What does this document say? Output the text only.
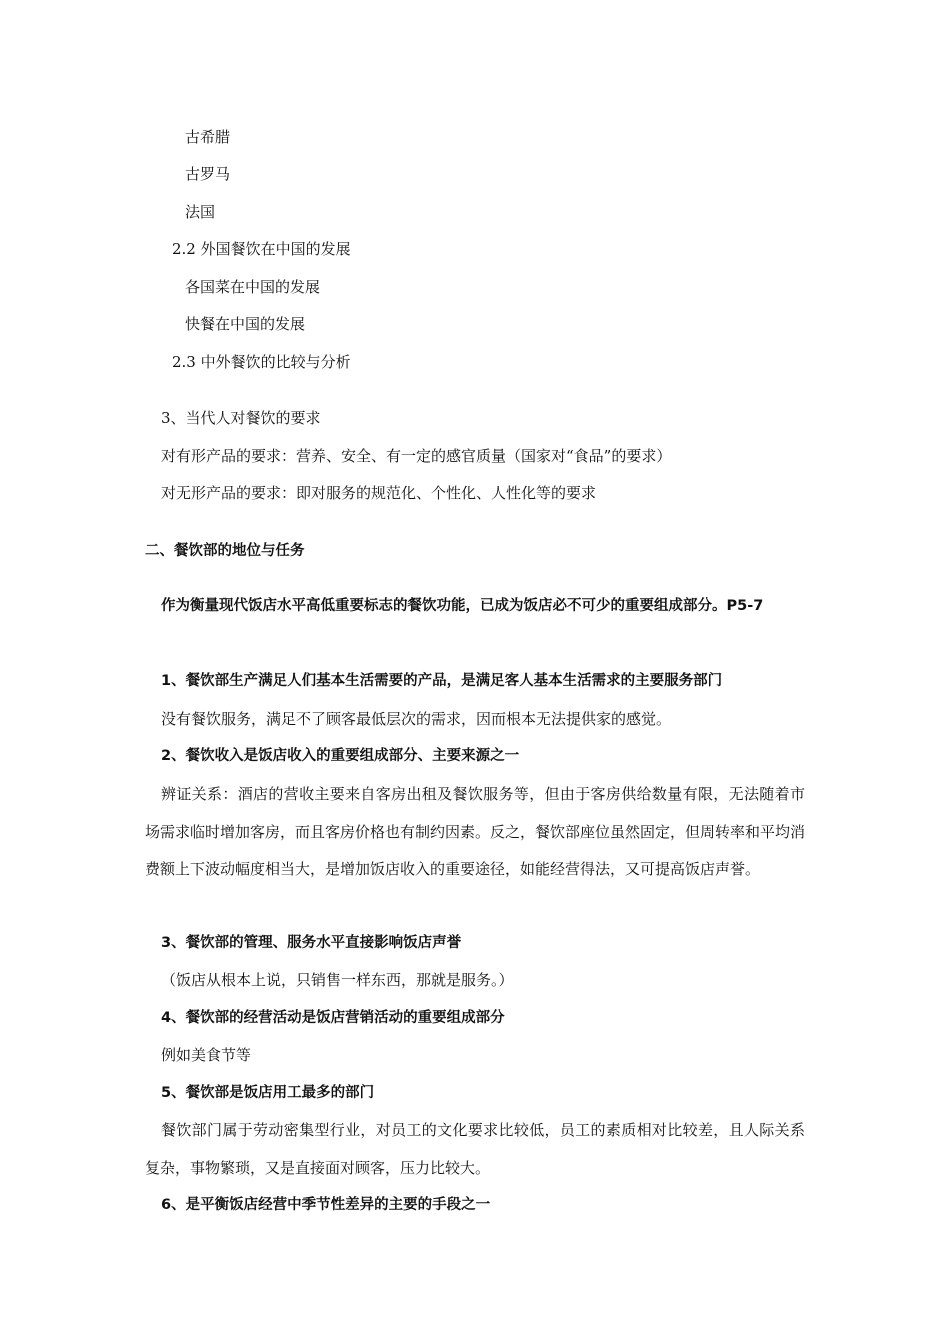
古希腊
古罗马
法国
2.2 外国餐饮在中国的发展
各国菜在中国的发展
快餐在中国的发展
2.3 中外餐饮的比较与分析
3、当代人对餐饮的要求
对有形产品的要求：营养、安全、有一定的感官质量（国家对“食品”的要求）
对无形产品的要求：即对服务的规范化、个性化、人性化等的要求
二、餐饮部的地位与任务
作为衡量现代饭店水平高低重要标志的餐饮功能，已成为饭店必不可少的重要组成部分。P5-7
1、餐饮部生产满足人们基本生活需要的产品，是满足客人基本生活需求的主要服务部门
没有餐饮服务，满足不了顾客最低层次的需求，因而根本无法提供家的感觉。
2、餐饮收入是饭店收入的重要组成部分、主要来源之一
辨证关系：酒店的营收主要来自客房出租及餐饮服务等，但由于客房供给数量有限，无法随着市场需求临时增加客房，而且客房价格也有制约因素。反之，餐饮部座位虽然固定，但周转率和平均消费额上下波动幅度相当大，是增加饭店收入的重要途径，如能经营得法，又可提高饭店声誉。
3、餐饮部的管理、服务水平直接影响饭店声誉
（饭店从根本上说，只销售一样东西，那就是服务。）
4、餐饮部的经营活动是饭店营销活动的重要组成部分
例如美食节等
5、餐饮部是饭店用工最多的部门
餐饮部门属于劳动密集型行业，对员工的文化要求比较低，员工的素质相对比较差，且人际关系复杂，事物繁琐，又是直接面对顾客，压力比较大。
6、是平衡饭店经营中季节性差异的主要的手段之一
